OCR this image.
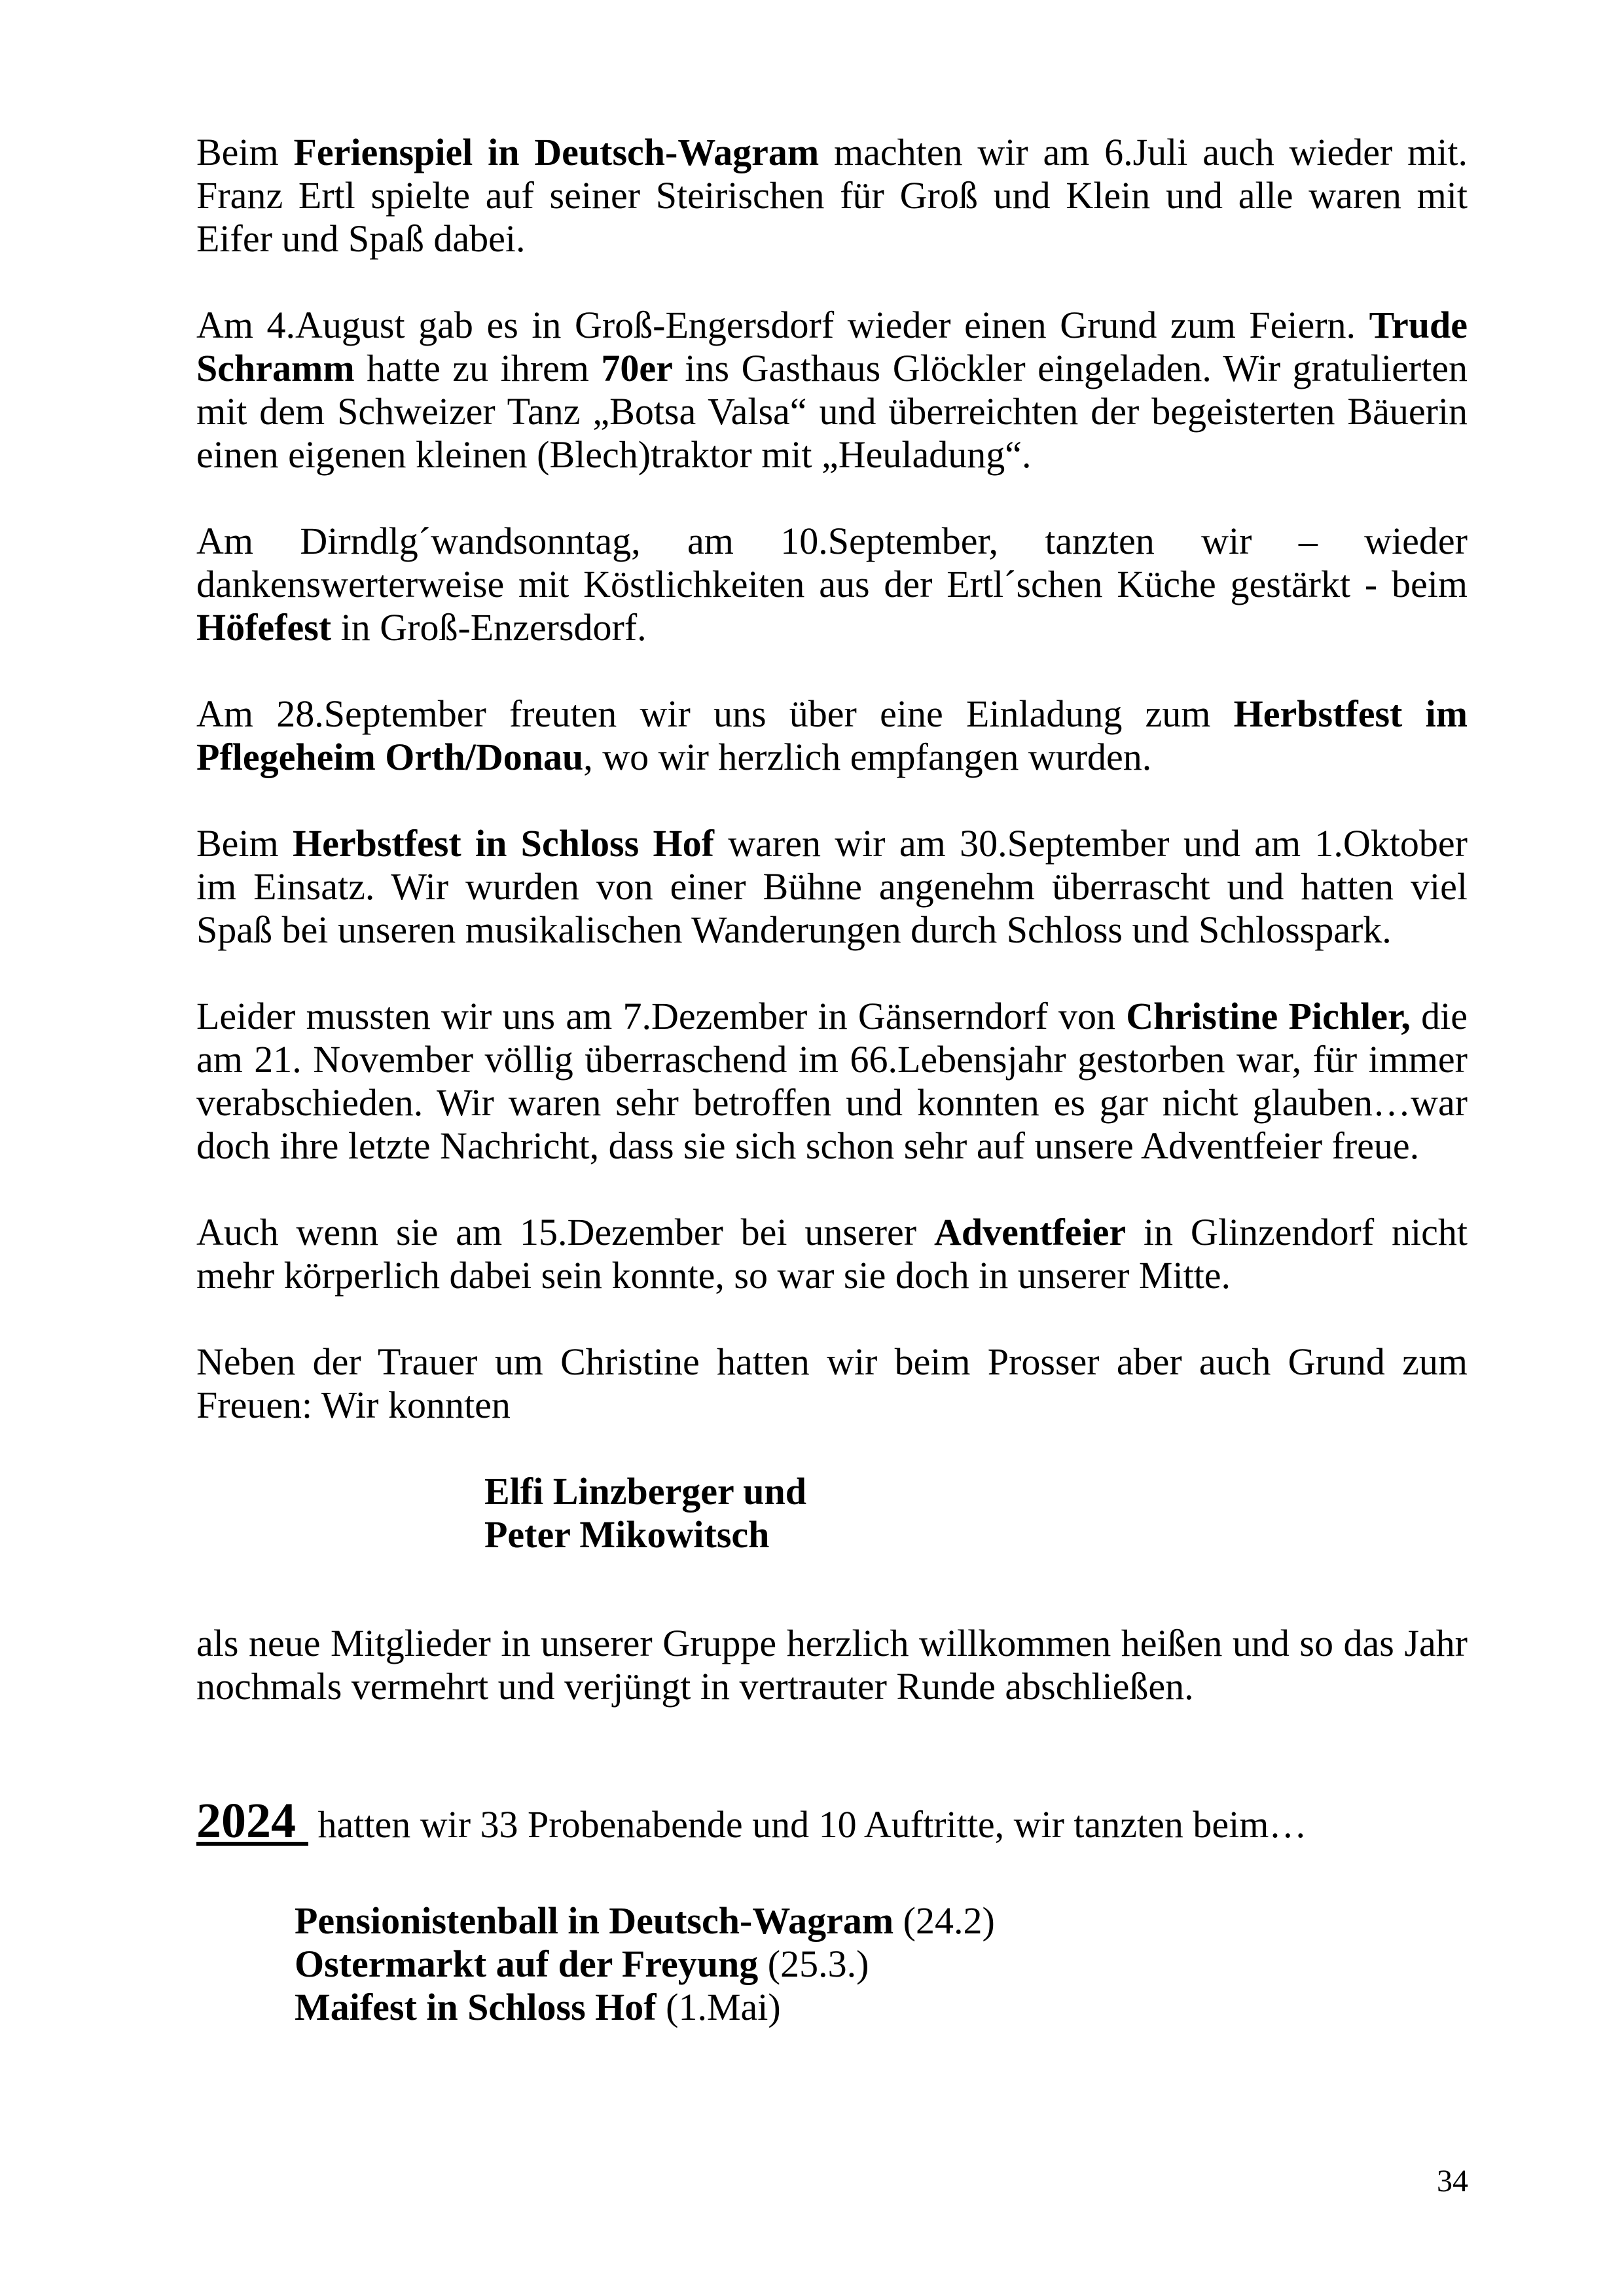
Beim Ferienspiel in Deutsch-Wagram machten wir am 6.Juli auch wieder mit. Franz Ertl spielte auf seiner Steirischen für Groß und Klein und alle waren mit Eifer und Spaß dabei.

Am 4.August gab es in Groß-Engersdorf wieder einen Grund zum Feiern. Trude Schramm hatte zu ihrem 70er ins Gasthaus Glöckler eingeladen. Wir gratulierten mit dem Schweizer Tanz „Botsa Valsa“ und überreichten der begeisterten Bäuerin einen eigenen kleinen (Blech)traktor mit „Heuladung“.

Am Dirndlg´wandsonntag, am 10.September, tanzten wir – wieder dankenswerterweise mit Köstlichkeiten aus der Ertl´schen Küche gestärkt - beim Höfefest in Groß-Enzersdorf.

Am 28.September freuten wir uns über eine Einladung zum Herbstfest im Pflegeheim Orth/Donau, wo wir herzlich empfangen wurden.

Beim Herbstfest in Schloss Hof waren wir am 30.September und am 1.Oktober im Einsatz. Wir wurden von einer Bühne angenehm überrascht und hatten viel Spaß bei unseren musikalischen Wanderungen durch Schloss und Schlosspark.

Leider mussten wir uns am 7.Dezember in Gänserndorf von Christine Pichler, die am 21. November völlig überraschend im 66.Lebensjahr gestorben war, für immer verabschieden. Wir waren sehr betroffen und konnten es gar nicht glauben…war doch ihre letzte Nachricht, dass sie sich schon sehr auf unsere Adventfeier freue.

Auch wenn sie am 15.Dezember bei unserer Adventfeier in Glinzendorf nicht mehr körperlich dabei sein konnte, so war sie doch in unserer Mitte.

Neben der Trauer um Christine hatten wir beim Prosser aber auch Grund zum Freuen: Wir konnten

Elfi Linzberger und
Peter Mikowitsch

als neue Mitglieder in unserer Gruppe herzlich willkommen heißen und so das Jahr nochmals vermehrt und verjüngt in vertrauter Runde abschließen.

2024  hatten wir 33 Probenabende und 10 Auftritte, wir tanzten beim…
Pensionistenball in Deutsch-Wagram (24.2)
Ostermarkt auf der Freyung (25.3.)
Maifest in Schloss Hof (1.Mai)
34
